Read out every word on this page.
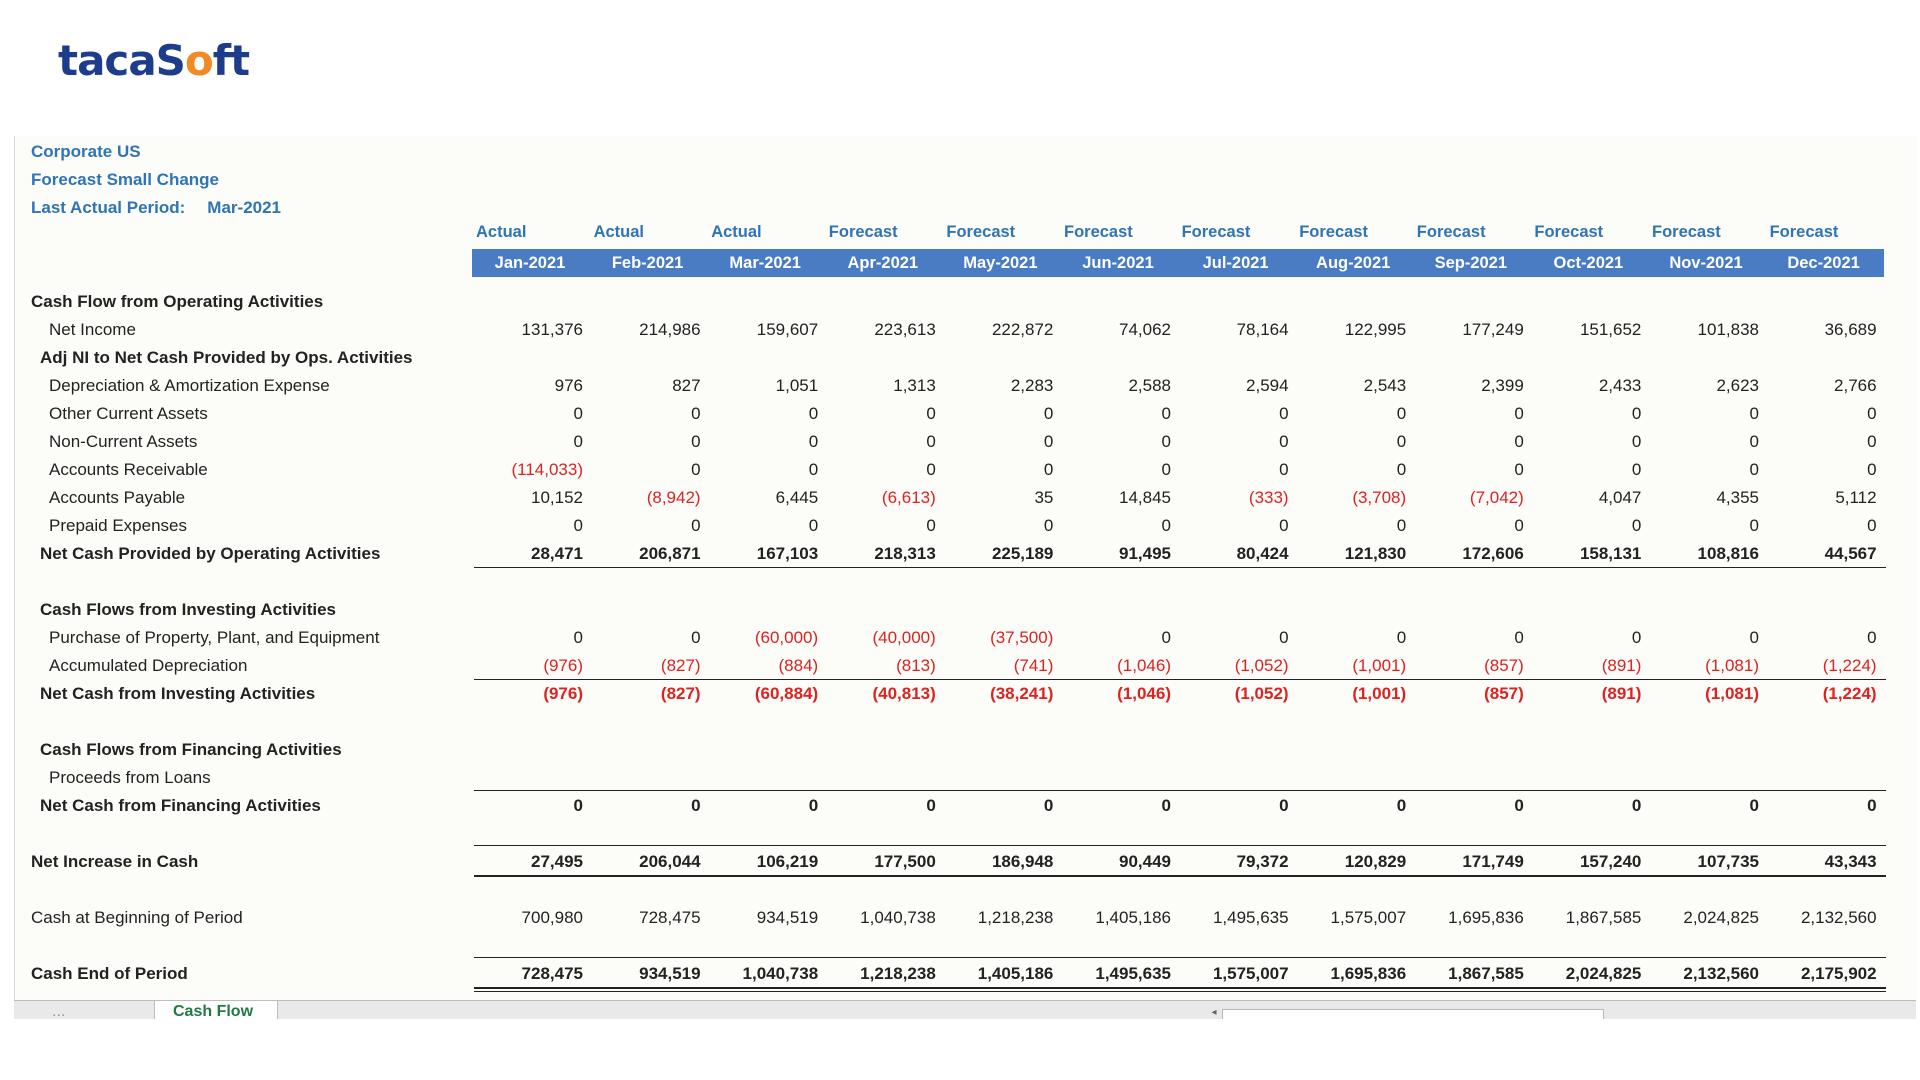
tacaSoft
Corporate US
Forecast Small Change
Last Actual Period: Mar-2021
Actual	Actual	Actual	Forecast	Forecast	Forecast	Forecast	Forecast	Forecast	Forecast	Forecast	Forecast
Jan-2021	Feb-2021	Mar-2021	Apr-2021	May-2021	Jun-2021	Jul-2021	Aug-2021	Sep-2021	Oct-2021	Nov-2021	Dec-2021
Cash Flow from Operating Activities
Net Income	131,376	214,986	159,607	223,613	222,872	74,062	78,164	122,995	177,249	151,652	101,838	36,689
Adj NI to Net Cash Provided by Ops. Activities
Depreciation & Amortization Expense	976	827	1,051	1,313	2,283	2,588	2,594	2,543	2,399	2,433	2,623	2,766
Other Current Assets	0	0	0	0	0	0	0	0	0	0	0	0
Non-Current Assets	0	0	0	0	0	0	0	0	0	0	0	0
Accounts Receivable	(114,033)	0	0	0	0	0	0	0	0	0	0	0
Accounts Payable	10,152	(8,942)	6,445	(6,613)	35	14,845	(333)	(3,708)	(7,042)	4,047	4,355	5,112
Prepaid Expenses	0	0	0	0	0	0	0	0	0	0	0	0
Net Cash Provided by Operating Activities	28,471	206,871	167,103	218,313	225,189	91,495	80,424	121,830	172,606	158,131	108,816	44,567
Cash Flows from Investing Activities
Purchase of Property, Plant, and Equipment	0	0	(60,000)	(40,000)	(37,500)	0	0	0	0	0	0	0
Accumulated Depreciation	(976)	(827)	(884)	(813)	(741)	(1,046)	(1,052)	(1,001)	(857)	(891)	(1,081)	(1,224)
Net Cash from Investing Activities	(976)	(827)	(60,884)	(40,813)	(38,241)	(1,046)	(1,052)	(1,001)	(857)	(891)	(1,081)	(1,224)
Cash Flows from Financing Activities
Proceeds from Loans
Net Cash from Financing Activities	0	0	0	0	0	0	0	0	0	0	0	0
Net Increase in Cash	27,495	206,044	106,219	177,500	186,948	90,449	79,372	120,829	171,749	157,240	107,735	43,343
Cash at Beginning of Period	700,980	728,475	934,519	1,040,738	1,218,238	1,405,186	1,495,635	1,575,007	1,695,836	1,867,585	2,024,825	2,132,560
Cash End of Period	728,475	934,519	1,040,738	1,218,238	1,405,186	1,495,635	1,575,007	1,695,836	1,867,585	2,024,825	2,132,560	2,175,902
...	Cash Flow	◂
